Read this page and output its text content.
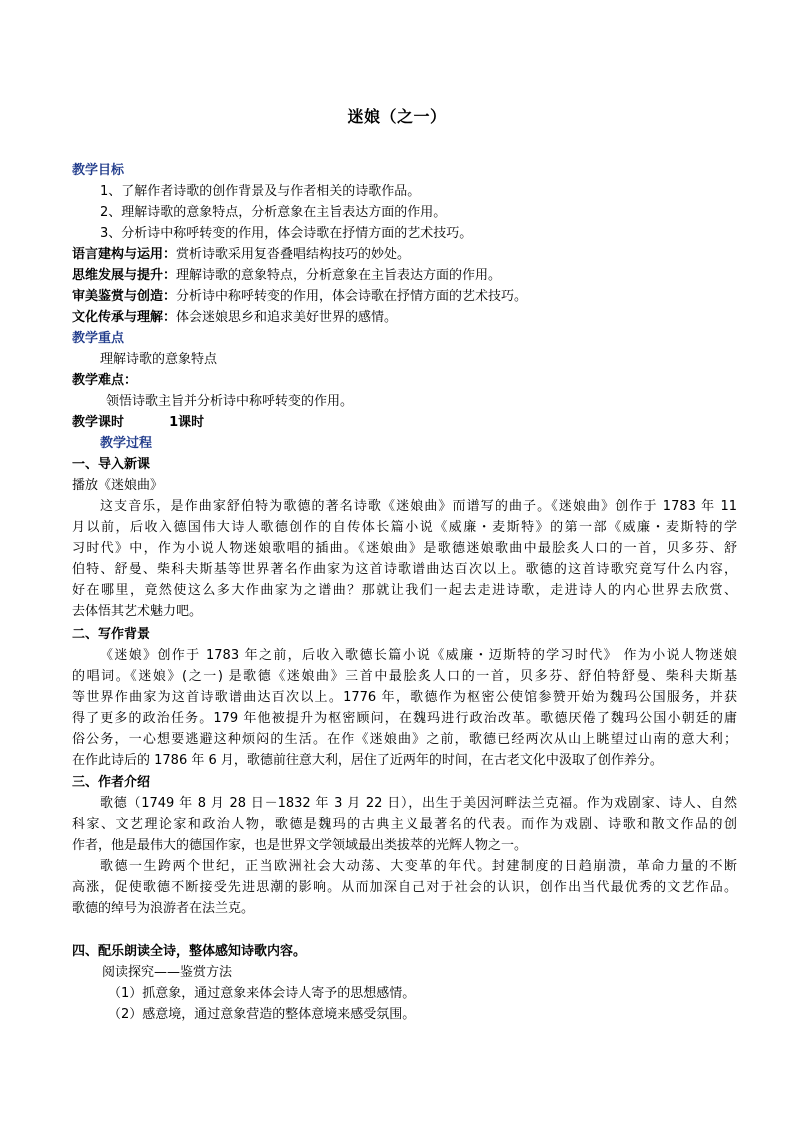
迷娘（之一）
教学目标
1、了解作者诗歌的创作背景及与作者相关的诗歌作品。
2、理解诗歌的意象特点，分析意象在主旨表达方面的作用。
3、分析诗中称呼转变的作用，体会诗歌在抒情方面的艺术技巧。
语言建构与运用：赏析诗歌采用复沓叠唱结构技巧的妙处。
思维发展与提升：理解诗歌的意象特点，分析意象在主旨表达方面的作用。
审美鉴赏与创造：分析诗中称呼转变的作用，体会诗歌在抒情方面的艺术技巧。
文化传承与理解：体会迷娘思乡和追求美好世界的感情。
教学重点
理解诗歌的意象特点
教学难点：
领悟诗歌主旨并分析诗中称呼转变的作用。
教学课时	1课时
教学过程
一、导入新课
播放《迷娘曲》
这支音乐，是作曲家舒伯特为歌德的著名诗歌《迷娘曲》而谱写的曲子。《迷娘曲》创作于 1783 年 11
月以前，后收入德国伟大诗人歌德创作的自传体长篇小说《威廉・麦斯特》的第一部《威廉・麦斯特的学
习时代》中，作为小说人物迷娘歌唱的插曲。《迷娘曲》是歌德迷娘歌曲中最脍炙人口的一首，贝多芬、舒
伯特、舒曼、柴科夫斯基等世界著名作曲家为这首诗歌谱曲达百次以上。歌德的这首诗歌究竟写什么内容，
好在哪里，竟然使这么多大作曲家为之谱曲？那就让我们一起去走进诗歌，走进诗人的内心世界去欣赏、
去体悟其艺术魅力吧。
二、写作背景
《迷娘》创作于 1783 年之前，后收入歌德长篇小说《威廉・迈斯特的学习时代》 作为小说人物迷娘
的唱词。《迷娘》(之一) 是歌德《迷娘曲》三首中最脍炙人口的一首，贝多芬、舒伯特舒曼、柴科夫斯基
等世界作曲家为这首诗歌谱曲达百次以上。1776 年，歌德作为枢密公使馆参赞开始为魏玛公国服务，并获
得了更多的政治任务。179 年他被提升为枢密顾问，在魏玛进行政治改革。歌德厌倦了魏玛公国小朝廷的庸
俗公务，一心想要逃避这种烦闷的生活。在作《迷娘曲》之前，歌德已经两次从山上眺望过山南的意大利；
在作此诗后的 1786 年 6 月，歌德前往意大利，居住了近两年的时间，在古老文化中汲取了创作养分。
三、作者介绍
歌德（1749 年 8 月 28 日－1832 年 3 月 22 日），出生于美因河畔法兰克福。作为戏剧家、诗人、自然
科家、文艺理论家和政治人物，歌德是魏玛的古典主义最著名的代表。而作为戏剧、诗歌和散文作品的创
作者，他是最伟大的德国作家，也是世界文学领域最出类拔萃的光辉人物之一。
歌德一生跨两个世纪，正当欧洲社会大动荡、大变革的年代。封建制度的日趋崩溃，革命力量的不断
高涨，促使歌德不断接受先进思潮的影响。从而加深自己对于社会的认识，创作出当代最优秀的文艺作品。
歌德的绰号为浪游者在法兰克。
四、配乐朗读全诗，整体感知诗歌内容。
阅读探究——鉴赏方法
（1）抓意象，通过意象来体会诗人寄予的思想感情。
（2）感意境，通过意象营造的整体意境来感受氛围。
